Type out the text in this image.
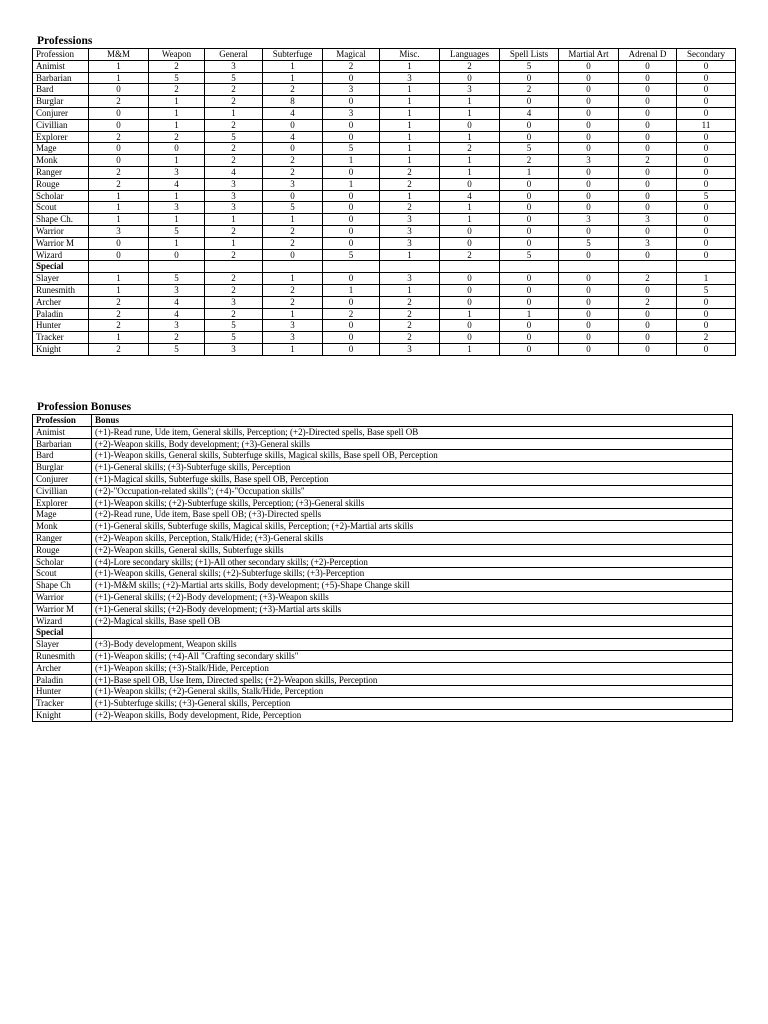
Professions
Profession	M&M	Weapon	General	Subterfuge	Magical	Misc.	Languages	Spell Lists	Martial Art	Adrenal D	Secondary
Animist	1	2	3	1	2	1	2	5	0	0	0
Barbarian	1	5	5	1	0	3	0	0	0	0	0
Bard	0	2	2	2	3	1	3	2	0	0	0
Burglar	2	1	2	8	0	1	1	0	0	0	0
Conjurer	0	1	1	4	3	1	1	4	0	0	0
Civillian	0	1	2	0	0	1	0	0	0	0	11
Explorer	2	2	5	4	0	1	1	0	0	0	0
Mage	0	0	2	0	5	1	2	5	0	0	0
Monk	0	1	2	2	1	1	1	2	3	2	0
Ranger	2	3	4	2	0	2	1	1	0	0	0
Rouge	2	4	3	3	1	2	0	0	0	0	0
Scholar	1	1	3	0	0	1	4	0	0	0	5
Scout	1	3	3	5	0	2	1	0	0	0	0
Shape Ch.	1	1	1	1	0	3	1	0	3	3	0
Warrior	3	5	2	2	0	3	0	0	0	0	0
Warrior M	0	1	1	2	0	3	0	0	5	3	0
Wizard	0	0	2	0	5	1	2	5	0	0	0
Special											
Slayer	1	5	2	1	0	3	0	0	0	2	1
Runesmith	1	3	2	2	1	1	0	0	0	0	5
Archer	2	4	3	2	0	2	0	0	0	2	0
Paladin	2	4	2	1	2	2	1	1	0	0	0
Hunter	2	3	5	3	0	2	0	0	0	0	0
Tracker	1	2	5	3	0	2	0	0	0	0	2
Knight	2	5	3	1	0	3	1	0	0	0	0
Profession Bonuses
Profession	Bonus
Animist	(+1)-Read rune, Ude item, General skills, Perception; (+2)-Directed spells, Base spell OB
Barbarian	(+2)-Weapon skills, Body development; (+3)-General skills
Bard	(+1)-Weapon skills, General skills, Subterfuge skills, Magical skills, Base spell OB, Perception
Burglar	(+1)-General skills; (+3)-Subterfuge skills, Perception
Conjurer	(+1)-Magical skills, Subterfuge skills, Base spell OB, Perception
Civillian	(+2)-"Occupation-related skills"; (+4)-"Occupation skills"
Explorer	(+1)-Weapon skills; (+2)-Subterfuge skills, Perception; (+3)-General skills
Mage	(+2)-Read rune, Ude item, Base spell OB; (+3)-Directed spells
Monk	(+1)-General skills, Subterfuge skills, Magical skills, Perception; (+2)-Martial arts skills
Ranger	(+2)-Weapon skills, Perception, Stalk/Hide; (+3)-General skills
Rouge	(+2)-Weapon skills, General skills, Subterfuge skills
Scholar	(+4)-Lore secondary skills; (+1)-All other secondary skills; (+2)-Perception
Scout	(+1)-Weapon skills, General skills; (+2)-Subterfuge skills; (+3)-Perception
Shape Ch	(+1)-M&M skills; (+2)-Martial arts skills, Body development; (+5)-Shape Change skill
Warrior	(+1)-General skills; (+2)-Body development; (+3)-Weapon skills
Warrior M	(+1)-General skills; (+2)-Body development; (+3)-Martial arts skills
Wizard	(+2)-Magical skills, Base spell OB
Special	
Slayer	(+3)-Body development, Weapon skills
Runesmith	(+1)-Weapon skills; (+4)-All "Crafting secondary skills"
Archer	(+1)-Weapon skills; (+3)-Stalk/Hide, Perception
Paladin	(+1)-Base spell OB, Use Item, Directed spells; (+2)-Weapon skills, Perception
Hunter	(+1)-Weapon skills; (+2)-General skills, Stalk/Hide, Perception
Tracker	(+1)-Subterfuge skills; (+3)-General skills, Perception
Knight	(+2)-Weapon skills, Body development, Ride, Perception
